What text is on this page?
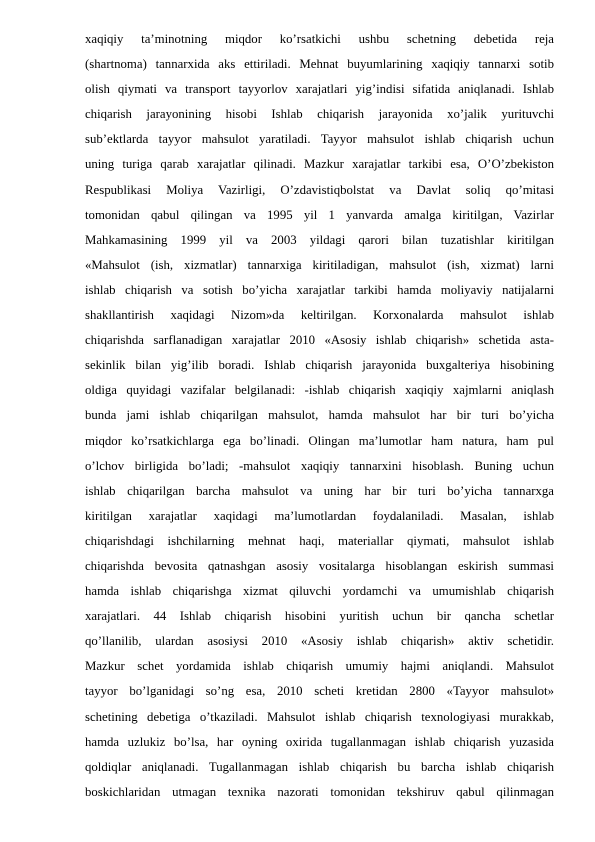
xaqiqiy ta’minotning miqdor ko’rsatkichi ushbu schetning debetida reja
(shartnoma) tannarxida aks ettiriladi. Mehnat buyumlarining xaqiqiy tannarxi sotib
olish qiymati va transport tayyorlov xarajatlari yig’indisi sifatida aniqlanadi. Ishlab
chiqarish jarayonining hisobi Ishlab chiqarish jarayonida xo’jalik yurituvchi
sub’ektlarda tayyor mahsulot yaratiladi. Tayyor mahsulot ishlab chiqarish uchun
uning turiga qarab xarajatlar qilinadi. Mazkur xarajatlar tarkibi esa, O’O’zbekiston
Respublikasi Moliya Vazirligi, O’zdavistiqbolstat va Davlat soliq qo’mitasi
tomonidan qabul qilingan va 1995 yil 1 yanvarda amalga kiritilgan, Vazirlar
Mahkamasining 1999 yil va 2003 yildagi qarori bilan tuzatishlar kiritilgan
«Mahsulot (ish, xizmatlar) tannarxiga kiritiladigan, mahsulot (ish, xizmat) larni
ishlab chiqarish va sotish bo’yicha xarajatlar tarkibi hamda moliyaviy natijalarni
shakllantirish xaqidagi Nizom»da keltirilgan. Korxonalarda mahsulot ishlab
chiqarishda sarflanadigan xarajatlar 2010 «Asosiy ishlab chiqarish» schetida asta-
sekinlik bilan yig’ilib boradi. Ishlab chiqarish jarayonida buxgalteriya hisobining
oldiga quyidagi vazifalar belgilanadi: -ishlab chiqarish xaqiqiy xajmlarni aniqlash
bunda jami ishlab chiqarilgan mahsulot, hamda mahsulot har bir turi bo’yicha
miqdor ko’rsatkichlarga ega bo’linadi. Olingan ma’lumotlar ham natura, ham pul
o’lchov birligida bo’ladi; -mahsulot xaqiqiy tannarxini hisoblash. Buning uchun
ishlab chiqarilgan barcha mahsulot va uning har bir turi bo’yicha tannarxga
kiritilgan xarajatlar xaqidagi ma’lumotlardan foydalaniladi. Masalan, ishlab
chiqarishdagi ishchilarning mehnat haqi, materiallar qiymati, mahsulot ishlab
chiqarishda bevosita qatnashgan asosiy vositalarga hisoblangan eskirish summasi
hamda ishlab chiqarishga xizmat qiluvchi yordamchi va umumishlab chiqarish
xarajatlari. 44 Ishlab chiqarish hisobini yuritish uchun bir qancha schetlar
qo’llanilib, ulardan asosiysi 2010 «Asosiy ishlab chiqarish» aktiv schetidir.
Mazkur schet yordamida ishlab chiqarish umumiy hajmi aniqlandi. Mahsulot
tayyor bo’lganidagi so’ng esa, 2010 scheti kretidan 2800 «Tayyor mahsulot»
schetining debetiga o’tkaziladi. Mahsulot ishlab chiqarish texnologiyasi murakkab,
hamda uzlukiz bo’lsa, har oyning oxirida tugallanmagan ishlab chiqarish yuzasida
qoldiqlar aniqlanadi. Tugallanmagan ishlab chiqarish bu barcha ishlab chiqarish
boskichlaridan utmagan texnika nazorati tomonidan tekshiruv qabul qilinmagan
